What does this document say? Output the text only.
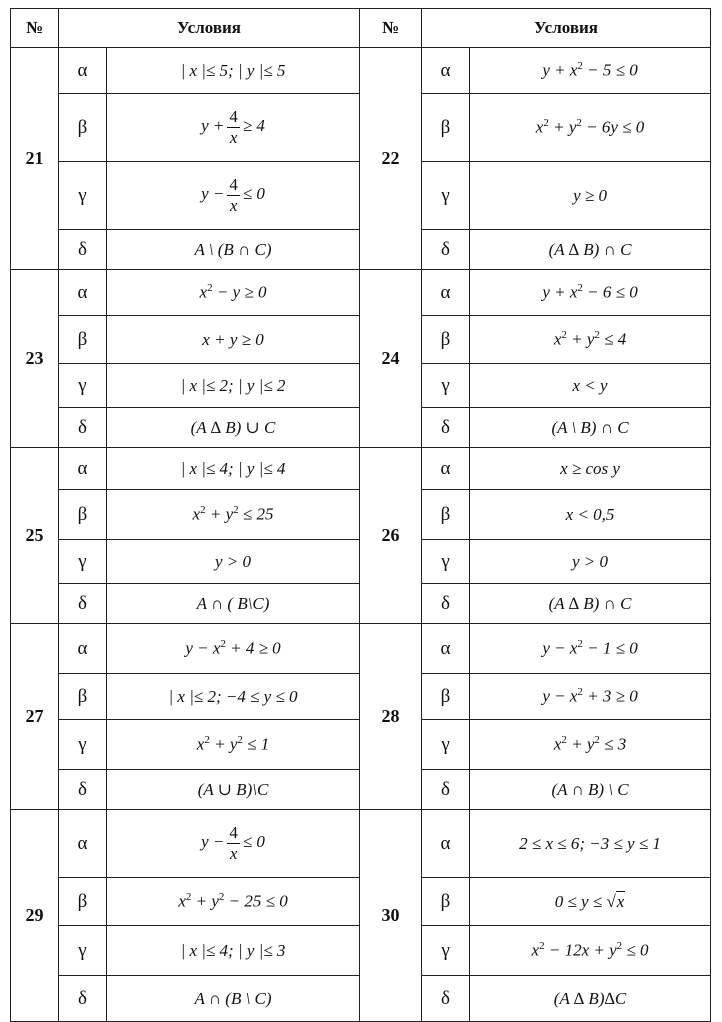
№	Условия		№	Условия	
21	α	| x |≤ 5; | y |≤ 5	22	α	$y + x^2 - 5 \le 0$
	β	$y + \frac{4}{x} \ge 4$		β	$x^2 + y^2 - 6y \le 0$
	γ	$y - \frac{4}{x} \le 0$		γ	y ≥ 0
	δ	A \ (B ∩ C)		δ	(A ∆ B) ∩ C
23	α	$x^2 - y \ge 0$	24	α	$y + x^2 - 6 \le 0$
	β	x + y ≥ 0		β	$x^2 + y^2 \le 4$
	γ	| x |≤ 2; | y |≤ 2		γ	x < y
	δ	(A ∆ B) ∪ C		δ	(A \ B) ∩ C
25	α	| x |≤ 4; | y |≤ 4	26	α	x ≥ cos y
	β	$x^2 + y^2 \le 25$		β	x < 0,5
	γ	y > 0		γ	y > 0
	δ	A ∩ ( B\C)		δ	(A ∆ B) ∩ C
27	α	$y - x^2 + 4 \ge 0$	28	α	$y - x^2 - 1 \le 0$
	β	| x |≤ 2; −4 ≤ y ≤ 0		β	$y - x^2 + 3 \ge 0$
	γ	$x^2 + y^2 \le 1$		γ	$x^2 + y^2 \le 3$
	δ	(A ∪ B)\C		δ	(A ∩ B) \ C
29	α	$y - \frac{4}{x} \le 0$	30	α	2 ≤ x ≤ 6; −3 ≤ y ≤ 1
	β	$x^2 + y^2 - 25 \le 0$		β	0 ≤ y ≤ √x
	γ	| x |≤ 4; | y |≤ 3		γ	$x^2 - 12x + y^2 \le 0$
	δ	A ∩ (B \ C)		δ	(A ∆ B)∆C
